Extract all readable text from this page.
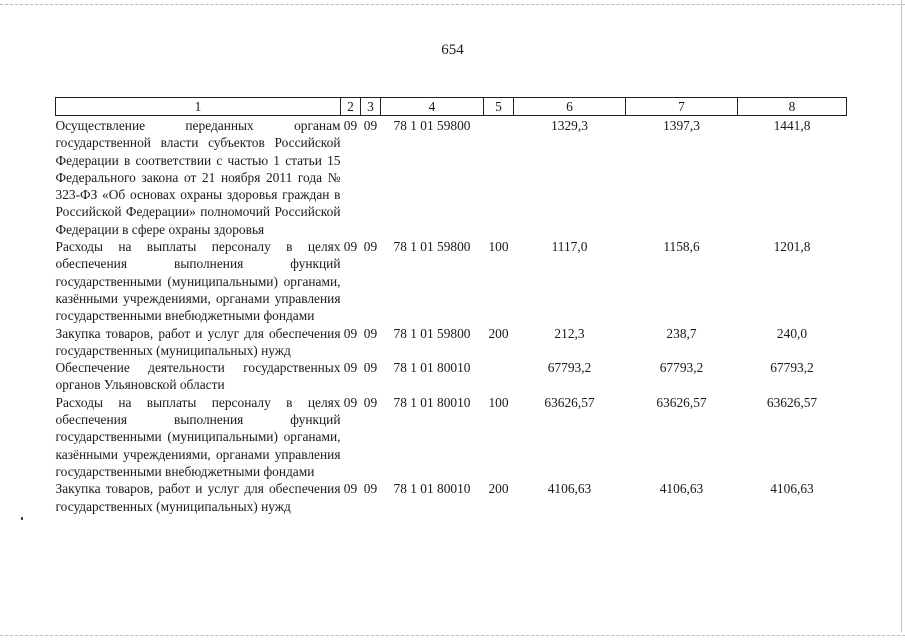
654
1	2	3	4	5	6	7	8
Осуществление переданных органам государственной власти субъектов Российской Федерации в соответствии с частью 1 статьи 15 Федерального закона от 21 ноября 2011 года № 323-ФЗ «Об основах охраны здоровья граждан в Российской Федерации» полномочий Российской Федерации в сфере охраны здоровья	09	09	78 1 01 59800		1329,3	1397,3	1441,8
Расходы на выплаты персоналу в целях обеспечения выполнения функций государственными (муниципальными) органами, казёнными учреждениями, органами управления государственными внебюджетными фондами	09	09	78 1 01 59800	100	1117,0	1158,6	1201,8
Закупка товаров, работ и услуг для обеспечения государственных (муниципальных) нужд	09	09	78 1 01 59800	200	212,3	238,7	240,0
Обеспечение деятельности государственных органов Ульяновской области	09	09	78 1 01 80010		67793,2	67793,2	67793,2
Расходы на выплаты персоналу в целях обеспечения выполнения функций государственными (муниципальными) органами, казёнными учреждениями, органами управления государственными внебюджетными фондами	09	09	78 1 01 80010	100	63626,57	63626,57	63626,57
Закупка товаров, работ и услуг для обеспечения государственных (муниципальных) нужд	09	09	78 1 01 80010	200	4106,63	4106,63	4106,63
